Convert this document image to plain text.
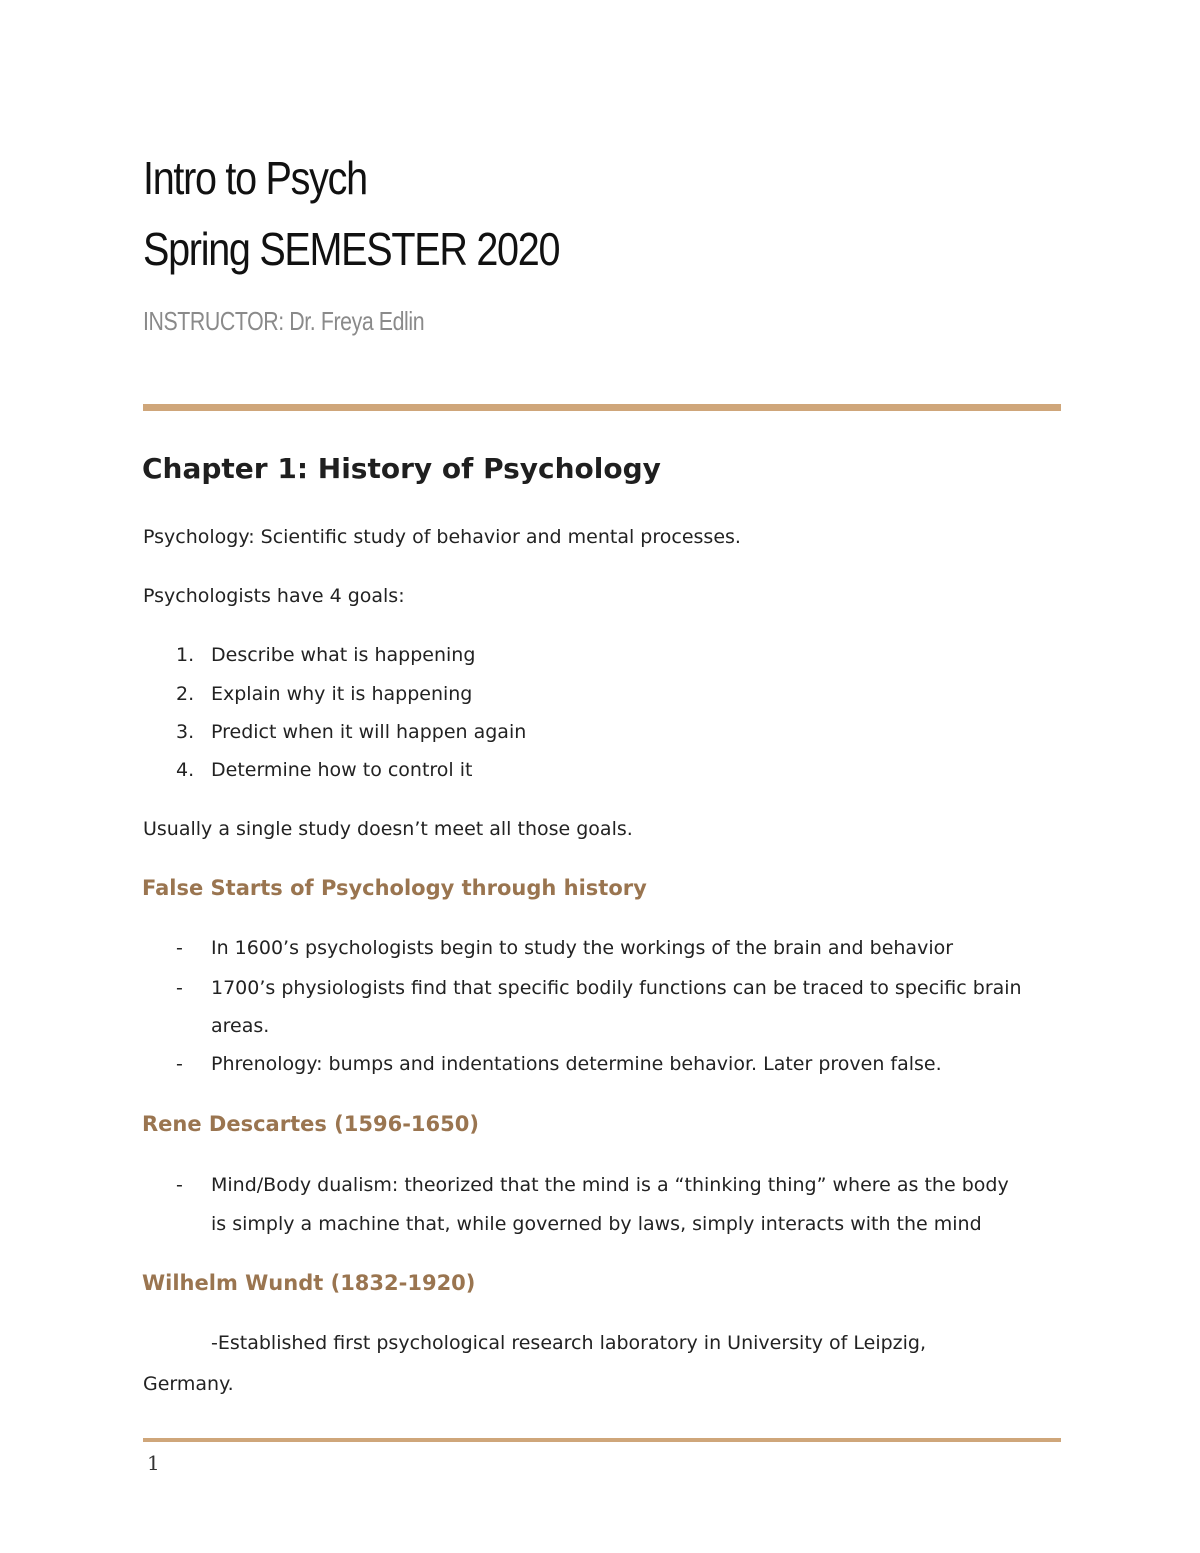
Intro to Psych
Spring SEMESTER 2020
INSTRUCTOR: Dr. Freya Edlin
Chapter 1: History of Psychology

Psychology: Scientific study of behavior and mental processes.

Psychologists have 4 goals:

1. Describe what is happening
2. Explain why it is happening
3. Predict when it will happen again
4. Determine how to control it

Usually a single study doesn’t meet all those goals.

False Starts of Psychology through history
- In 1600’s psychologists begin to study the workings of the brain and behavior
- 1700’s physiologists find that specific bodily functions can be traced to specific brain
areas.
- Phrenology: bumps and indentations determine behavior. Later proven false.
Rene Descartes (1596-1650)
- Mind/Body dualism: theorized that the mind is a “thinking thing” where as the body
is simply a machine that, while governed by laws, simply interacts with the mind
Wilhelm Wundt (1832-1920)

-Established first psychological research laboratory in University of Leipzig,

Germany.

1
